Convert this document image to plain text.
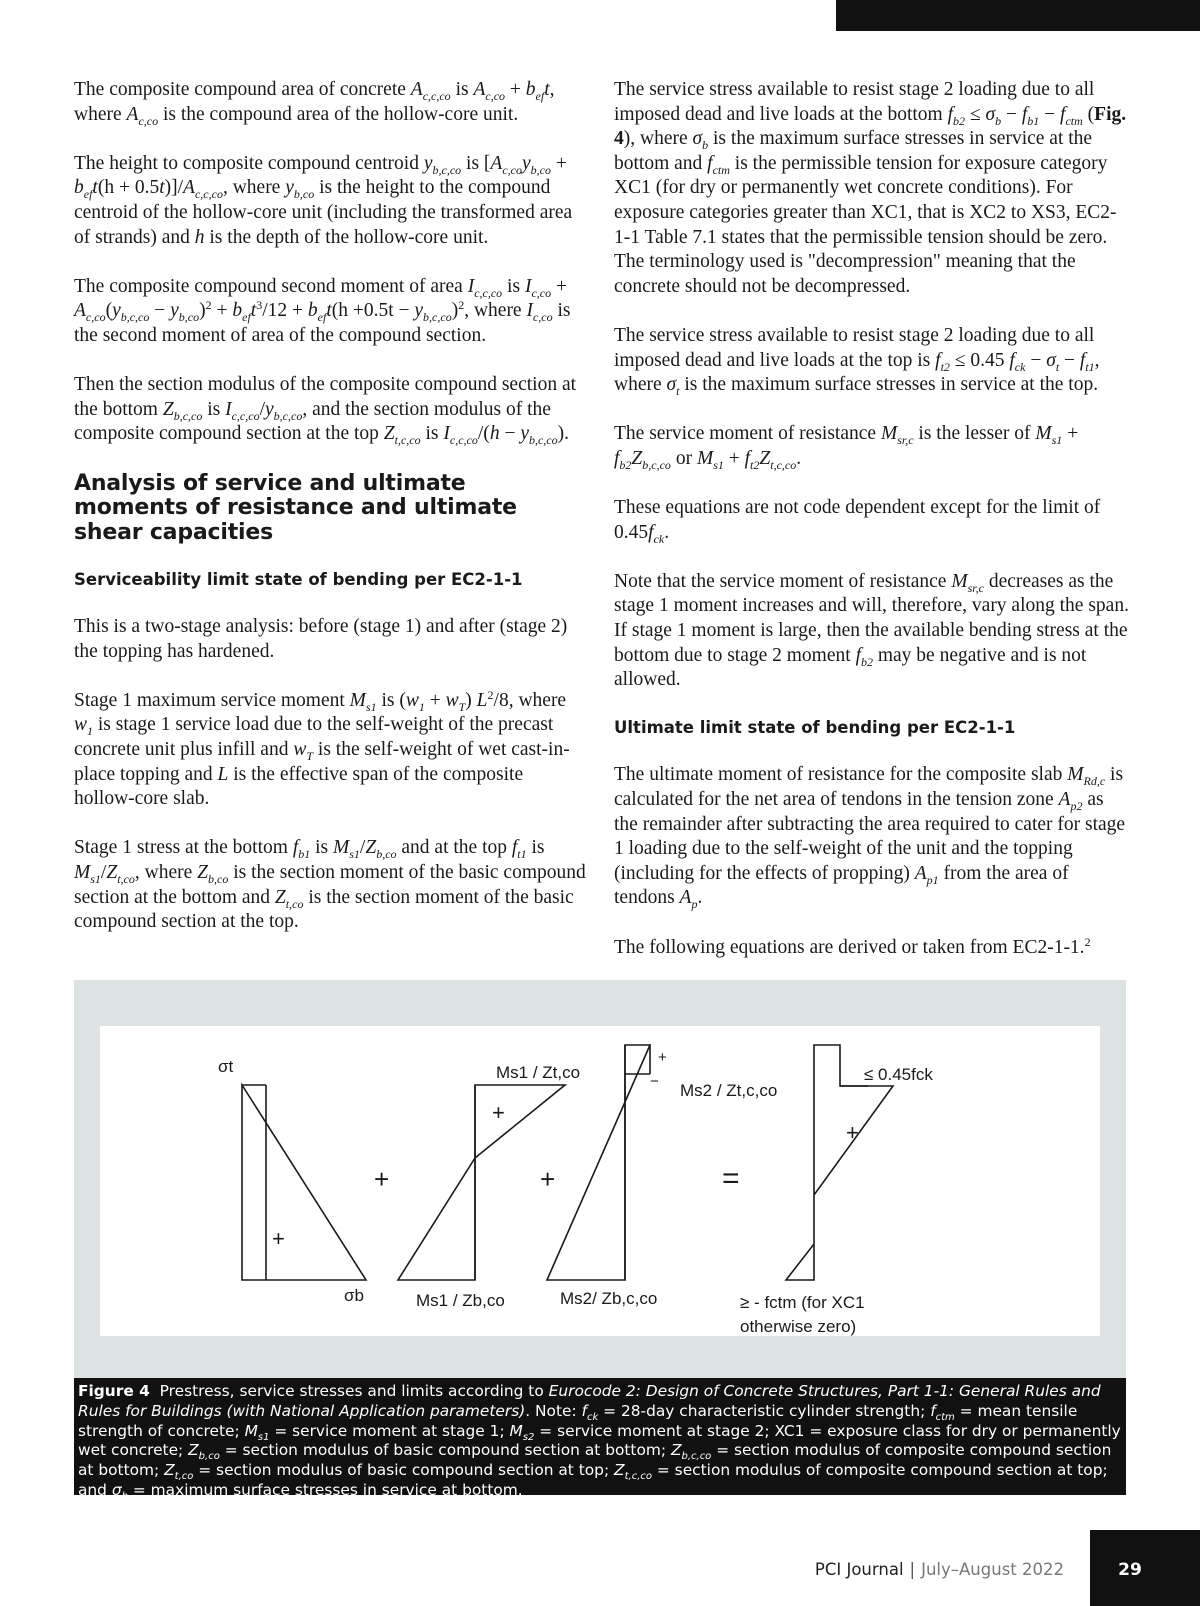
The composite compound area of concrete $A_{c,c,co}$ is $A_{c,co} + b_{ef}t$, where $A_{c,co}$ is the compound area of the hollow-core unit.

The height to composite compound centroid $y_{b,c,co}$ is $[A_{c,co}y_{b,co} + b_{ef}t(h + 0.5t)]/A_{c,c,co}$, where $y_{b,co}$ is the height to the compound centroid of the hollow-core unit (including the transformed area of strands) and h is the depth of the hollow-core unit.

The composite compound second moment of area $I_{c,c,co}$ is $I_{c,co} + A_{c,co}(y_{b,c,co} - y_{b,co})^2 + b_{ef}t^3/12 + b_{ef}t(h +0.5t - y_{b,c,co})^2$, where $I_{c,co}$ is the second moment of area of the compound section.

Then the section modulus of the composite compound section at the bottom $Z_{b,c,co}$ is $I_{c,c,co}/y_{b,c,co}$, and the section modulus of the composite compound section at the top $Z_{t,c,co}$ is $I_{c,c,co}/(h - y_{b,c,co})$.

Analysis of service and ultimate moments of resistance and ultimate shear capacities
Serviceability limit state of bending per EC2-1-1

This is a two-stage analysis: before (stage 1) and after (stage 2) the topping has hardened.

Stage 1 maximum service moment $M_{s1}$ is $(w_1 + w_T)$ $L^2/8$, where $w_1$ is stage 1 service load due to the self-weight of the precast concrete unit plus infill and $w_T$ is the self-weight of wet cast-in-place topping and L is the effective span of the composite hollow-core slab.

Stage 1 stress at the bottom $f_{b1}$ is $M_{s1}/Z_{b,co}$ and at the top $f_{t1}$ is $M_{s1}/Z_{t,co}$, where $Z_{b,co}$ is the section moment of the basic compound section at the bottom and $Z_{t,co}$ is the section moment of the basic compound section at the top.

The service stress available to resist stage 2 loading due to all imposed dead and live loads at the bottom $f_{b2} \le \sigma_b - f_{b1} - f_{ctm}$ (Fig. 4), where $\sigma_b$ is the maximum surface stresses in service at the bottom and $f_{ctm}$ is the permissible tension for exposure category XC1 (for dry or permanently wet concrete conditions). For exposure categories greater than XC1, that is XC2 to XS3, EC2-1-1 Table 7.1 states that the permissible tension should be zero. The terminology used is "decompression" meaning that the concrete should not be decompressed.

The service stress available to resist stage 2 loading due to all imposed dead and live loads at the top is $f_{t2} \le 0.45$ $f_{ck} - \sigma_t - f_{t1}$, where $\sigma_t$ is the maximum surface stresses in service at the top.

The service moment of resistance $M_{sr,c}$ is the lesser of $M_{s1} + f_{b2}Z_{b,c,co}$ or $M_{s1} + f_{t2}Z_{t,c,co}$.

These equations are not code dependent except for the limit of $0.45f_{ck}$.

Note that the service moment of resistance $M_{sr,c}$ decreases as the stage 1 moment increases and will, therefore, vary along the span. If stage 1 moment is large, then the available bending stress at the bottom due to stage 2 moment $f_{b2}$ may be negative and is not allowed.

Ultimate limit state of bending per EC2-1-1

The ultimate moment of resistance for the composite slab $M_{Rd,c}$ is calculated for the net area of tendons in the tension zone $A_{p2}$ as the remainder after subtracting the area required to cater for stage 1 loading due to the self-weight of the unit and the topping (including for the effects of propping) $A_{p1}$ from the area of tendons $A_p$.

The following equations are derived or taken from EC2-1-1.$^2$

σt
+
σb
+
Ms1 / Zt,co
+
Ms1 / Zb,co
+
+
− Ms2 / Zt,c,co
Ms2/ Zb,c,co
=
≤ 0.45fck
+
≥ - fctm (for XC1
otherwise zero)
Figure 4 Prestress, service stresses and limits according to Eurocode 2: Design of Concrete Structures, Part 1-1: General Rules and Rules for Buildings (with National Application parameters). Note: $f_{ck} = 28-day$ characteristic cylinder strength; $f_{ctm}$ = mean tensile strength of concrete; $M_{s1}$ = service moment at stage 1; $M_{s2}$ = service moment at stage 2; XC1 = exposure class for dry or permanently wet concrete; $Z_{b,co}$ = section modulus of basic compound section at bottom; $Z_{b,c,co}$ = section modulus of composite compound section at bottom; $Z_{t,co}$ = section modulus of basic compound section at top; $Z_{t,c,co}$ = section modulus of composite compound section at top; and $\sigma_b$ = maximum surface stresses in service at bottom.
PCI Journal | July–August 2022	29
